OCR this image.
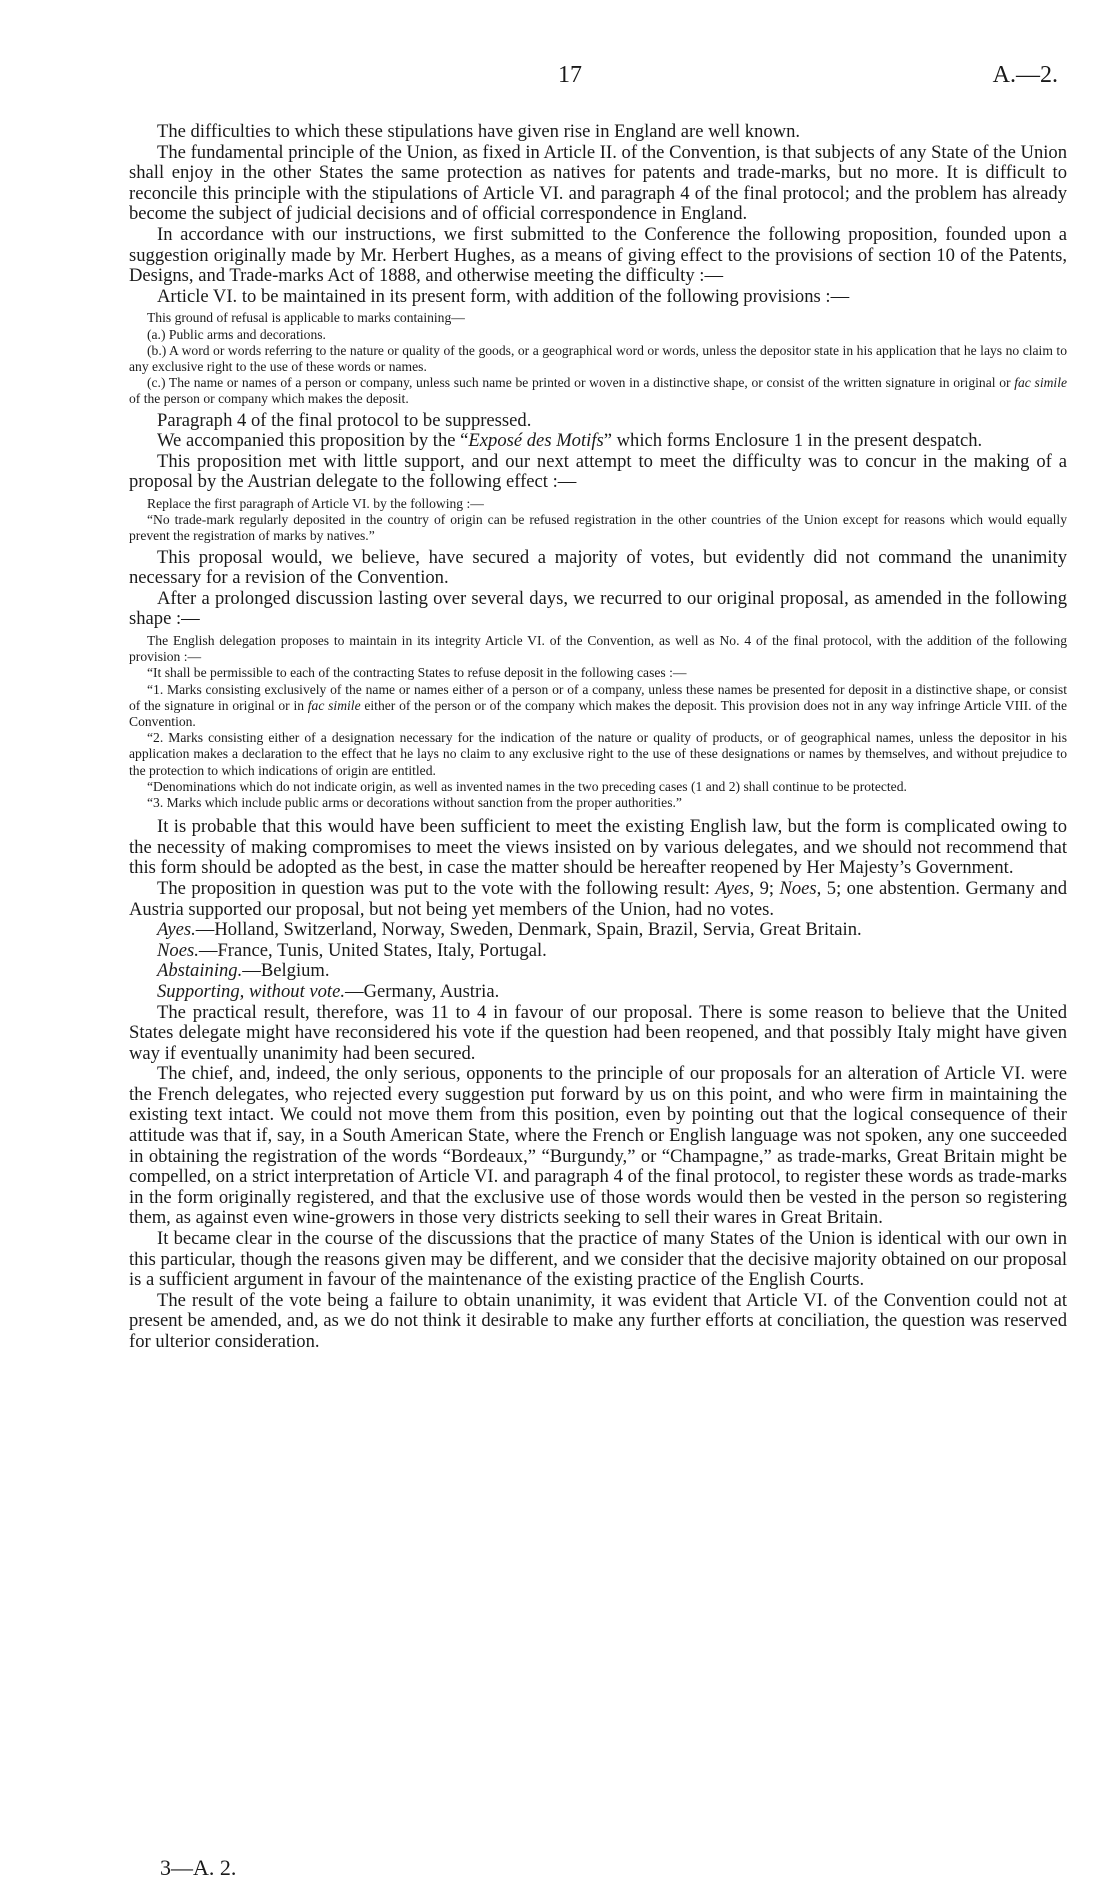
17	A.—2.

The difficulties to which these stipulations have given rise in England are well known.

The fundamental principle of the Union, as fixed in Article II. of the Convention, is that subjects of any State of the Union shall enjoy in the other States the same protection as natives for patents and trade-marks, but no more. It is difficult to reconcile this principle with the stipulations of Article VI. and paragraph 4 of the final protocol; and the problem has already become the subject of judicial decisions and of official correspondence in England.

In accordance with our instructions, we first submitted to the Conference the following proposition, founded upon a suggestion originally made by Mr. Herbert Hughes, as a means of giving effect to the provisions of section 10 of the Patents, Designs, and Trade-marks Act of 1888, and otherwise meeting the difficulty :—

Article VI. to be maintained in its present form, with addition of the following provisions :—

This ground of refusal is applicable to marks containing—

(a.) Public arms and decorations.

(b.) A word or words referring to the nature or quality of the goods, or a geographical word or words, unless the depositor state in his application that he lays no claim to any exclusive right to the use of these words or names.

(c.) The name or names of a person or company, unless such name be printed or woven in a distinctive shape, or consist of the written signature in original or fac simile of the person or company which makes the deposit.

Paragraph 4 of the final protocol to be suppressed.

We accompanied this proposition by the “Exposé des Motifs” which forms Enclosure 1 in the present despatch.

This proposition met with little support, and our next attempt to meet the difficulty was to concur in the making of a proposal by the Austrian delegate to the following effect :—

Replace the first paragraph of Article VI. by the following :—

“No trade-mark regularly deposited in the country of origin can be refused registration in the other countries of the Union except for reasons which would equally prevent the registration of marks by natives.”

This proposal would, we believe, have secured a majority of votes, but evidently did not command the unanimity necessary for a revision of the Convention.

After a prolonged discussion lasting over several days, we recurred to our original proposal, as amended in the following shape :—

The English delegation proposes to maintain in its integrity Article VI. of the Convention, as well as No. 4 of the final protocol, with the addition of the following provision :—

“It shall be permissible to each of the contracting States to refuse deposit in the following cases :—

“1. Marks consisting exclusively of the name or names either of a person or of a company, unless these names be presented for deposit in a distinctive shape, or consist of the signature in original or in fac simile either of the person or of the company which makes the deposit. This provision does not in any way infringe Article VIII. of the Convention.

“2. Marks consisting either of a designation necessary for the indication of the nature or quality of products, or of geographical names, unless the depositor in his application makes a declaration to the effect that he lays no claim to any exclusive right to the use of these designations or names by themselves, and without prejudice to the protection to which indications of origin are entitled.

“Denominations which do not indicate origin, as well as invented names in the two preceding cases (1 and 2) shall continue to be protected.

“3. Marks which include public arms or decorations without sanction from the proper authorities.”

It is probable that this would have been sufficient to meet the existing English law, but the form is complicated owing to the necessity of making compromises to meet the views insisted on by various delegates, and we should not recommend that this form should be adopted as the best, in case the matter should be hereafter reopened by Her Majesty’s Government.

The proposition in question was put to the vote with the following result: Ayes, 9; Noes, 5; one abstention. Germany and Austria supported our proposal, but not being yet members of the Union, had no votes.

Ayes.—Holland, Switzerland, Norway, Sweden, Denmark, Spain, Brazil, Servia, Great Britain.

Noes.—France, Tunis, United States, Italy, Portugal.

Abstaining.—Belgium.

Supporting, without vote.—Germany, Austria.

The practical result, therefore, was 11 to 4 in favour of our proposal. There is some reason to believe that the United States delegate might have reconsidered his vote if the question had been reopened, and that possibly Italy might have given way if eventually unanimity had been secured.

The chief, and, indeed, the only serious, opponents to the principle of our proposals for an alteration of Article VI. were the French delegates, who rejected every suggestion put forward by us on this point, and who were firm in maintaining the existing text intact. We could not move them from this position, even by pointing out that the logical consequence of their attitude was that if, say, in a South American State, where the French or English language was not spoken, any one succeeded in obtaining the registration of the words “Bordeaux,” “Burgundy,” or “Champagne,” as trade-marks, Great Britain might be compelled, on a strict interpretation of Article VI. and paragraph 4 of the final protocol, to register these words as trade-marks in the form originally registered, and that the exclusive use of those words would then be vested in the person so registering them, as against even wine-growers in those very districts seeking to sell their wares in Great Britain.

It became clear in the course of the discussions that the practice of many States of the Union is identical with our own in this particular, though the reasons given may be different, and we consider that the decisive majority obtained on our proposal is a sufficient argument in favour of the maintenance of the existing practice of the English Courts.

The result of the vote being a failure to obtain unanimity, it was evident that Article VI. of the Convention could not at present be amended, and, as we do not think it desirable to make any further efforts at conciliation, the question was reserved for ulterior consideration.

3—A. 2.
